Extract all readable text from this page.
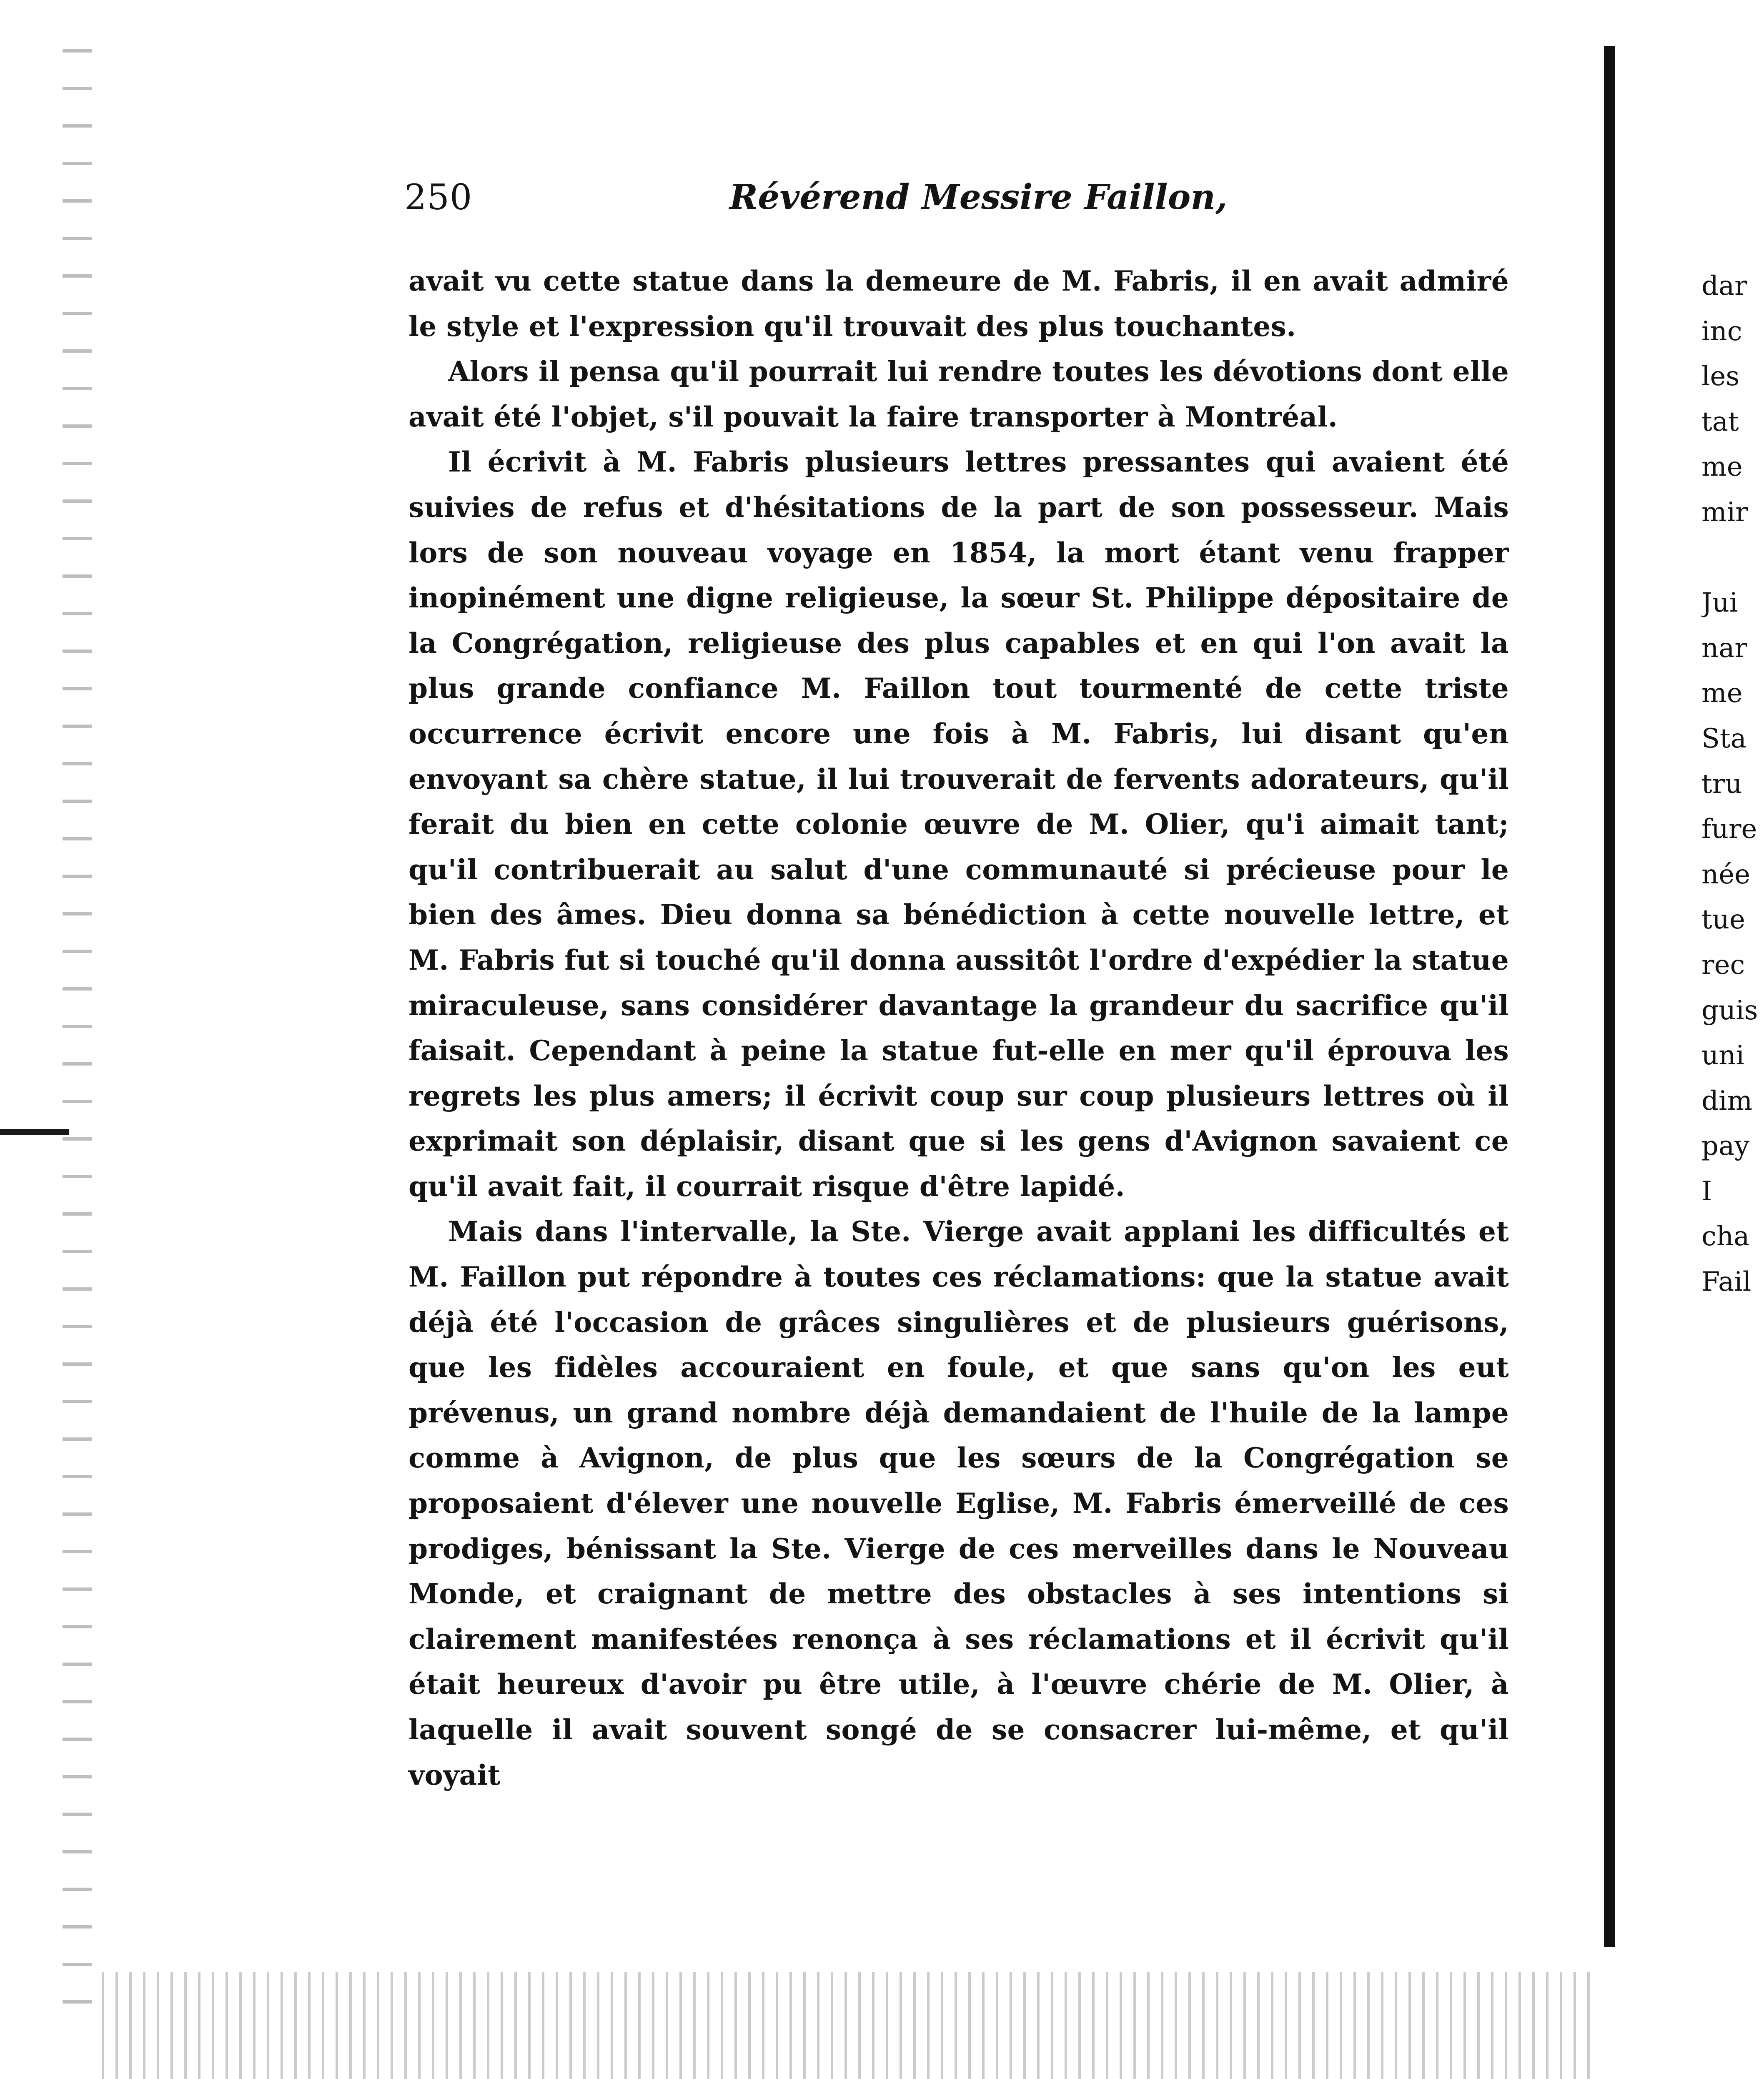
250	Révérend Messire Faillon,

avait vu cette statue dans la demeure de M. Fabris, il en avait admiré le style et l'expression qu'il trouvait des plus touchantes.

Alors il pensa qu'il pourrait lui rendre toutes les dévotions dont elle avait été l'objet, s'il pouvait la faire transporter à Montréal.

Il écrivit à M. Fabris plusieurs lettres pressantes qui avaient été suivies de refus et d'hésitations de la part de son possesseur. Mais lors de son nouveau voyage en 1854, la mort étant venu frapper inopinément une digne religieuse, la sœur St. Philippe dépositaire de la Congrégation, religieuse des plus capables et en qui l'on avait la plus grande confiance M. Faillon tout tourmenté de cette triste occurrence écrivit encore une fois à M. Fabris, lui disant qu'en envoyant sa chère statue, il lui trouverait de fervents adorateurs, qu'il ferait du bien en cette colonie œuvre de M. Olier, qu'i aimait tant; qu'il contribuerait au salut d'une communauté si précieuse pour le bien des âmes. Dieu donna sa bénédiction à cette nouvelle lettre, et M. Fabris fut si touché qu'il donna aussitôt l'ordre d'expédier la statue miraculeuse, sans considérer davantage la grandeur du sacrifice qu'il faisait. Cependant à peine la statue fut-elle en mer qu'il éprouva les regrets les plus amers; il écrivit coup sur coup plusieurs lettres où il exprimait son déplaisir, disant que si les gens d'Avignon savaient ce qu'il avait fait, il courrait risque d'être lapidé.

Mais dans l'intervalle, la Ste. Vierge avait applani les difficultés et M. Faillon put répondre à toutes ces réclamations: que la statue avait déjà été l'occasion de grâces singulières et de plusieurs guérisons, que les fidèles accouraient en foule, et que sans qu'on les eut prévenus, un grand nombre déjà demandaient de l'huile de la lampe comme à Avignon, de plus que les sœurs de la Congrégation se proposaient d'élever une nouvelle Eglise, M. Fabris émerveillé de ces prodiges, bénissant la Ste. Vierge de ces merveilles dans le Nouveau Monde, et craignant de mettre des obstacles à ses intentions si clairement manifestées renonça à ses réclamations et il écrivit qu'il était heureux d'avoir pu être utile, à l'œuvre chérie de M. Olier, à laquelle il avait souvent songé de se consacrer lui-même, et qu'il voyait

dar
inc
les
tat
me
mir
Jui
nar
me
Sta
tru
fure
née
tue
rec
guis
uni
dim
pay
I
cha
Fail
